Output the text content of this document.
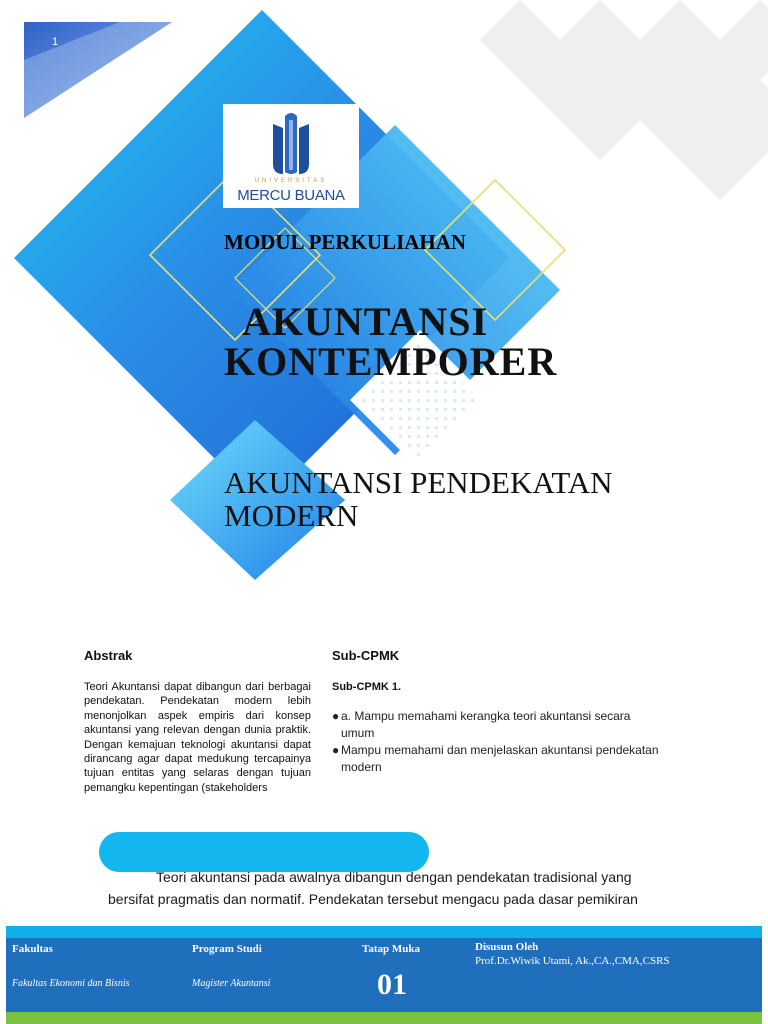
1
UNIVERSITAS
MERCU BUANA
MODUL PERKULIAHAN
AKUNTANSI
KONTEMPORER
AKUNTANSI PENDEKATAN MODERN
Abstrak
Teori Akuntansi dapat dibangun dari berbagai pendekatan. Pendekatan modern lebih menonjolkan aspek empiris dari konsep akuntansi yang relevan dengan dunia praktik. Dengan kemajuan teknologi akuntansi dapat dirancang agar dapat medukung tercapainya tujuan entitas yang selaras dengan tujuan pemangku kepentingan (stakeholders
Sub-CPMK
Sub-CPMK 1.
● a. Mampu memahami kerangka teori akuntansi secara umum
● Mampu memahami dan menjelaskan akuntansi pendekatan modern
Teori akuntansi pada awalnya dibangun dengan pendekatan tradisional yang
bersifat pragmatis dan normatif. Pendekatan tersebut mengacu pada dasar pemikiran
Fakultas
Fakultas Ekonomi dan Bisnis
Program Studi
Magister Akuntansi
Tatap Muka
01
Disusun Oleh
Prof.Dr.Wiwik Utami, Ak.,CA.,CMA,CSRS
